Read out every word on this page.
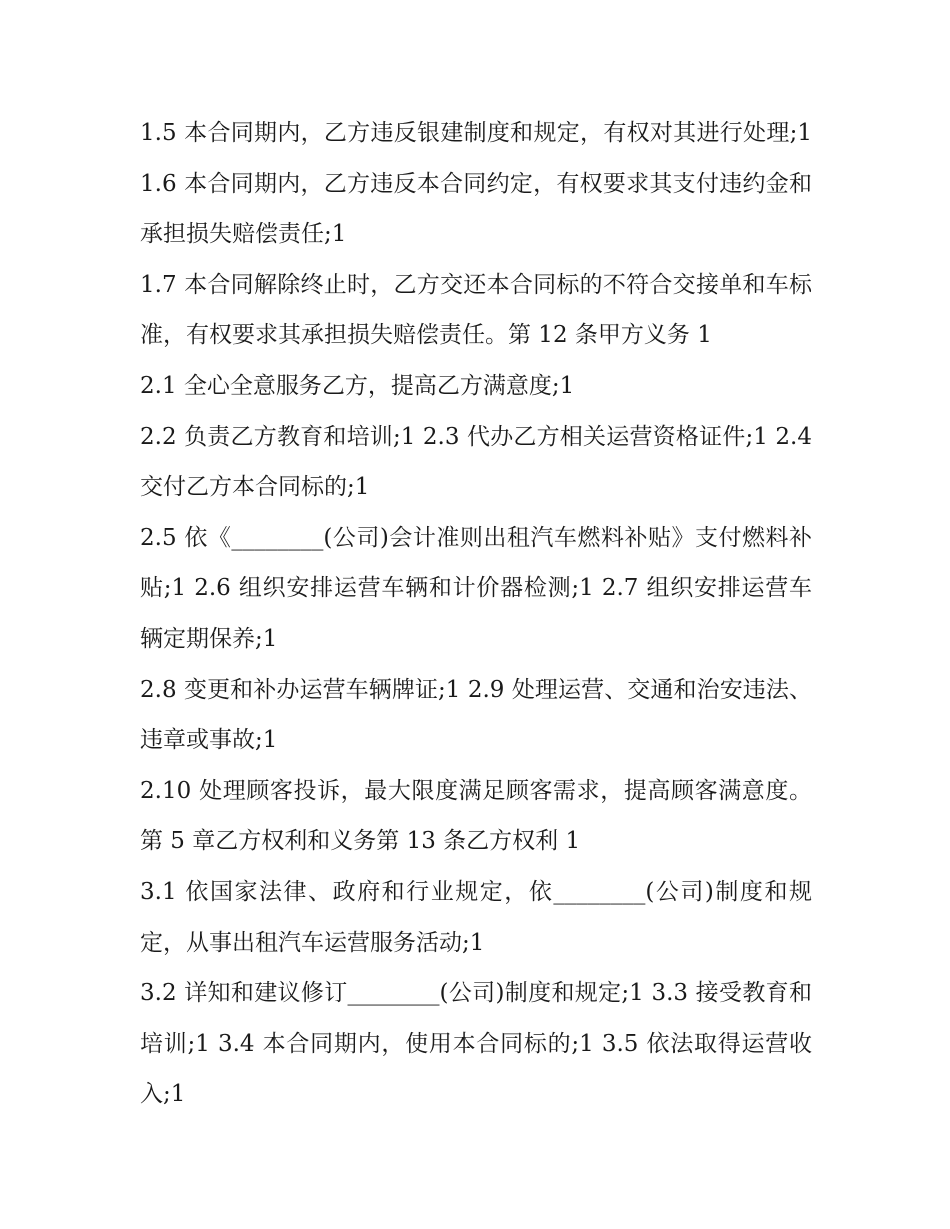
1.5 本合同期内，乙方违反银建制度和规定，有权对其进行处理;1 1.6 本合同期内，乙方违反本合同约定，有权要求其支付违约金和承担损失赔偿责任;1

1.7 本合同解除终止时，乙方交还本合同标的不符合交接单和车标准，有权要求其承担损失赔偿责任。第 12 条甲方义务 1

2.1 全心全意服务乙方，提高乙方满意度;1

2.2 负责乙方教育和培训;1 2.3 代办乙方相关运营资格证件;1 2.4 交付乙方本合同标的;1

2.5 依《________(公司)会计准则出租汽车燃料补贴》支付燃料补贴;1 2.6 组织安排运营车辆和计价器检测;1 2.7 组织安排运营车辆定期保养;1

2.8 变更和补办运营车辆牌证;1 2.9 处理运营、交通和治安违法、违章或事故;1

2.10 处理顾客投诉，最大限度满足顾客需求，提高顾客满意度。第 5 章乙方权利和义务第 13 条乙方权利 1

3.1 依国家法律、政府和行业规定，依________(公司)制度和规定，从事出租汽车运营服务活动;1

3.2 详知和建议修订________(公司)制度和规定;1 3.3 接受教育和培训;1 3.4 本合同期内，使用本合同标的;1 3.5 依法取得运营收入;1
